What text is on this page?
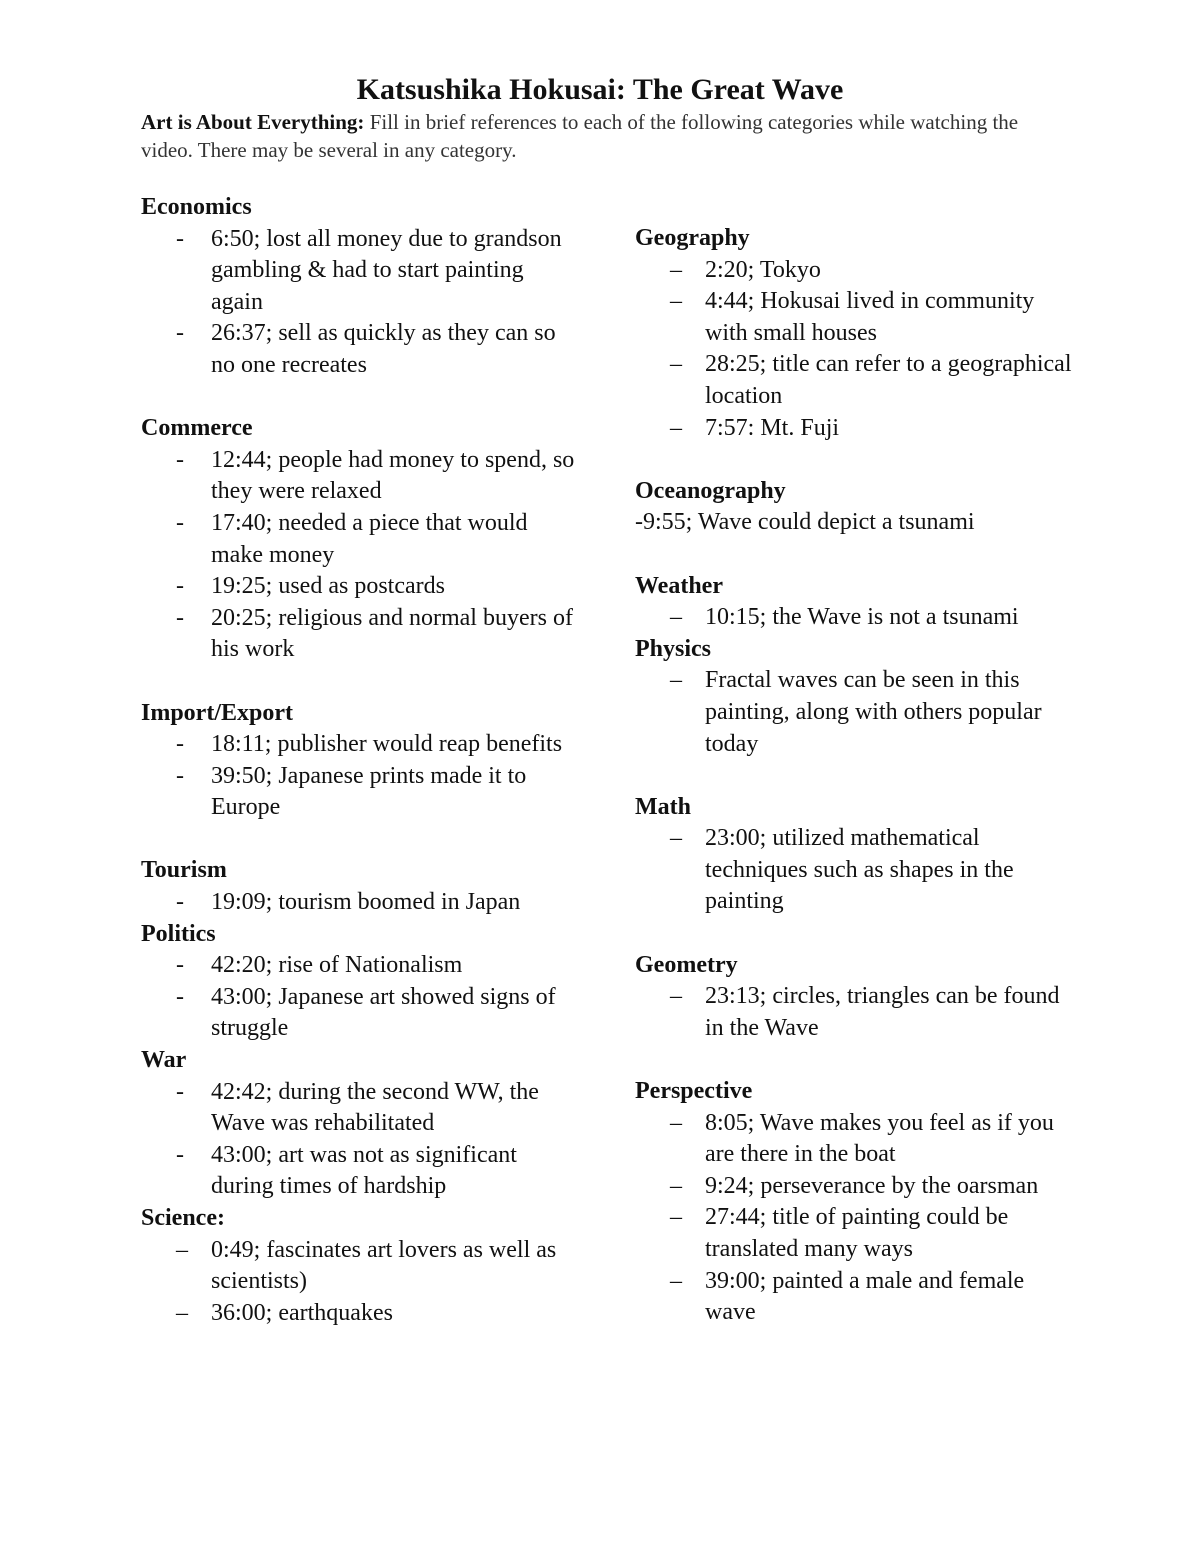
Katsushika Hokusai: The Great Wave

Art is About Everything: Fill in brief references to each of the following categories while watching the video. There may be several in any category.

Economics

- 6:50; lost all money due to grandson gambling & had to start painting again
- 26:37; sell as quickly as they can so no one recreates

Commerce

- 12:44; people had money to spend, so they were relaxed
- 17:40; needed a piece that would make money
- 19:25; used as postcards
- 20:25; religious and normal buyers of his work

Import/Export

- 18:11; publisher would reap benefits
- 39:50; Japanese prints made it to Europe

Tourism

- 19:09; tourism boomed in Japan

Politics

- 42:20; rise of Nationalism
- 43:00; Japanese art showed signs of struggle

War

- 42:42; during the second WW, the Wave was rehabilitated
- 43:00; art was not as significant during times of hardship

Science:

– 0:49; fascinates art lovers as well as scientists)
– 36:00; earthquakes

Geography

– 2:20; Tokyo
– 4:44; Hokusai lived in community with small houses
– 28:25; title can refer to a geographical location
– 7:57: Mt. Fuji

Oceanography

-9:55; Wave could depict a tsunami

Weather

– 10:15; the Wave is not a tsunami

Physics

– Fractal waves can be seen in this painting, along with others popular today

Math

– 23:00; utilized mathematical techniques such as shapes in the painting

Geometry

– 23:13; circles, triangles can be found in the Wave

Perspective

– 8:05; Wave makes you feel as if you are there in the boat
– 9:24; perseverance by the oarsman
– 27:44; title of painting could be translated many ways
– 39:00; painted a male and female wave
